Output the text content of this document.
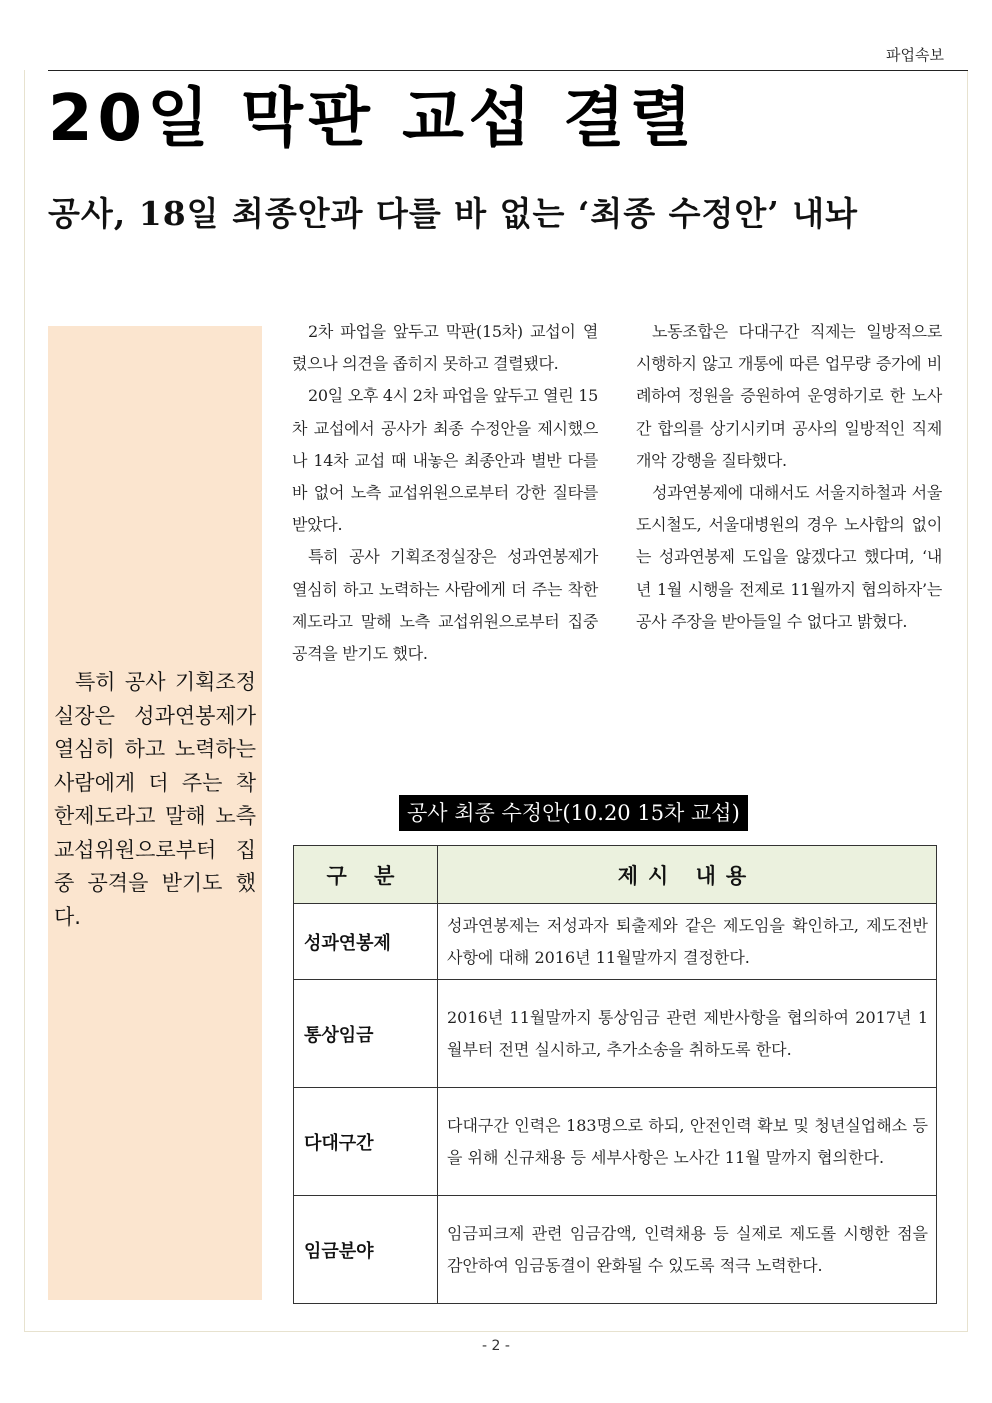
파업속보
20일 막판 교섭 결렬
공사, 18일 최종안과 다를 바 없는 ‘최종 수정안’ 내놔

특히 공사 기획조정실장은 성과연봉제가 열심히 하고 노력하는 사람에게 더 주는 착한제도라고 말해 노측 교섭위원으로부터 집중 공격을 받기도 했다.

2차 파업을 앞두고 막판(15차) 교섭이 열렸으나 의견을 좁히지 못하고 결렬됐다.

20일 오후 4시 2차 파업을 앞두고 열린 15차 교섭에서 공사가 최종 수정안을 제시했으나 14차 교섭 때 내놓은 최종안과 별반 다를 바 없어 노측 교섭위원으로부터 강한 질타를 받았다.

특히 공사 기획조정실장은 성과연봉제가 열심히 하고 노력하는 사람에게 더 주는 착한제도라고 말해 노측 교섭위원으로부터 집중 공격을 받기도 했다.

노동조합은 다대구간 직제는 일방적으로 시행하지 않고 개통에 따른 업무량 증가에 비례하여 정원을 증원하여 운영하기로 한 노사간 합의를 상기시키며 공사의 일방적인 직제개악 강행을 질타했다.

성과연봉제에 대해서도 서울지하철과 서울도시철도, 서울대병원의 경우 노사합의 없이는 성과연봉제 도입을 않겠다고 했다며, ‘내년 1월 시행을 전제로 11월까지 협의하자’는 공사 주장을 받아들일 수 없다고 밝혔다.

공사 최종 수정안(10.20 15차 교섭)
구 분	제시 내용
성과연봉제	성과연봉제는 저성과자 퇴출제와 같은 제도임을 확인하고, 제도전반 사항에 대해 2016년 11월말까지 결정한다.
통상임금	2016년 11월말까지 통상임금 관련 제반사항을 협의하여 2017년 1월부터 전면 실시하고, 추가소송을 취하도록 한다.
다대구간	다대구간 인력은 183명으로 하되, 안전인력 확보 및 청년실업해소 등을 위해 신규채용 등 세부사항은 노사간 11월 말까지 협의한다.
임금분야	임금피크제 관련 임금감액, 인력채용 등 실제로 제도롤 시행한 점을 감안하여 임금동결이 완화될 수 있도록 적극 노력한다.
- 2 -
